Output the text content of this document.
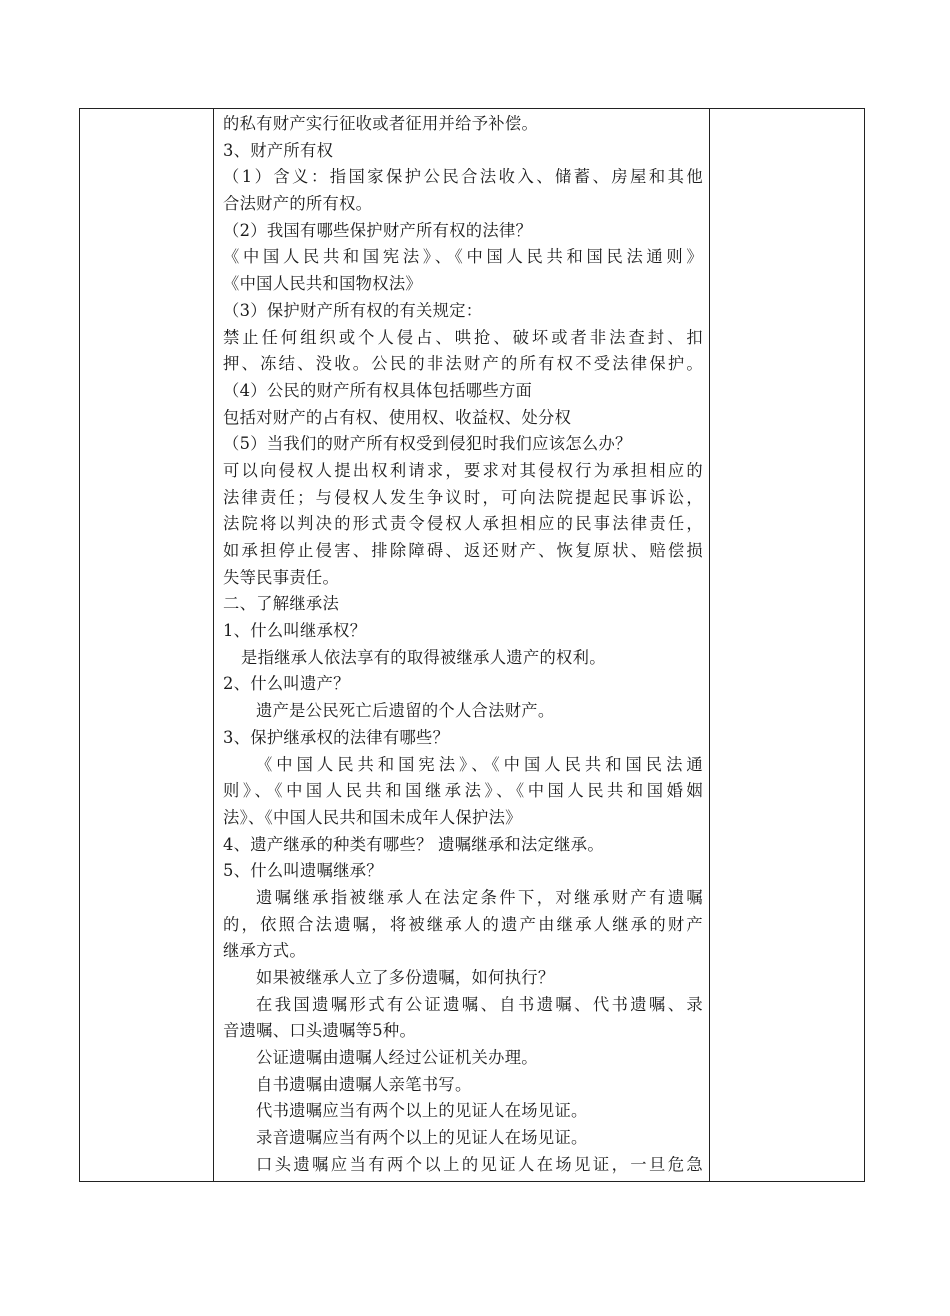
的私有财产实行征收或者征用并给予补偿。
3、财产所有权
（1）含义：指国家保护公民合法收入、储蓄、房屋和其他
合法财产的所有权。
（2）我国有哪些保护财产所有权的法律？
《中国人民共和国宪法》、《中国人民共和国民法通则》
《中国人民共和国物权法》
（3）保护财产所有权的有关规定：
禁止任何组织或个人侵占、哄抢、破坏或者非法查封、扣
押、冻结、没收。公民的非法财产的所有权不受法律保护。
（4）公民的财产所有权具体包括哪些方面
包括对财产的占有权、使用权、收益权、处分权
（5）当我们的财产所有权受到侵犯时我们应该怎么办？
可以向侵权人提出权利请求，要求对其侵权行为承担相应的
法律责任；与侵权人发生争议时，可向法院提起民事诉讼，
法院将以判决的形式责令侵权人承担相应的民事法律责任，
如承担停止侵害、排除障碍、返还财产、恢复原状、赔偿损
失等民事责任。
二、了解继承法
1、什么叫继承权？
是指继承人依法享有的取得被继承人遗产的权利。
2、什么叫遗产？
遗产是公民死亡后遗留的个人合法财产。
3、保护继承权的法律有哪些？
《中国人民共和国宪法》、《中国人民共和国民法通
则》、《中国人民共和国继承法》、《中国人民共和国婚姻
法》、《中国人民共和国未成年人保护法》
4、遗产继承的种类有哪些？ 遗嘱继承和法定继承。
5、什么叫遗嘱继承？
遗嘱继承指被继承人在法定条件下，对继承财产有遗嘱
的，依照合法遗嘱，将被继承人的遗产由继承人继承的财产
继承方式。
如果被继承人立了多份遗嘱，如何执行？
在我国遗嘱形式有公证遗嘱、自书遗嘱、代书遗嘱、录
音遗嘱、口头遗嘱等5种。
公证遗嘱由遗嘱人经过公证机关办理。
自书遗嘱由遗嘱人亲笔书写。
代书遗嘱应当有两个以上的见证人在场见证。
录音遗嘱应当有两个以上的见证人在场见证。
口头遗嘱应当有两个以上的见证人在场见证，一旦危急
